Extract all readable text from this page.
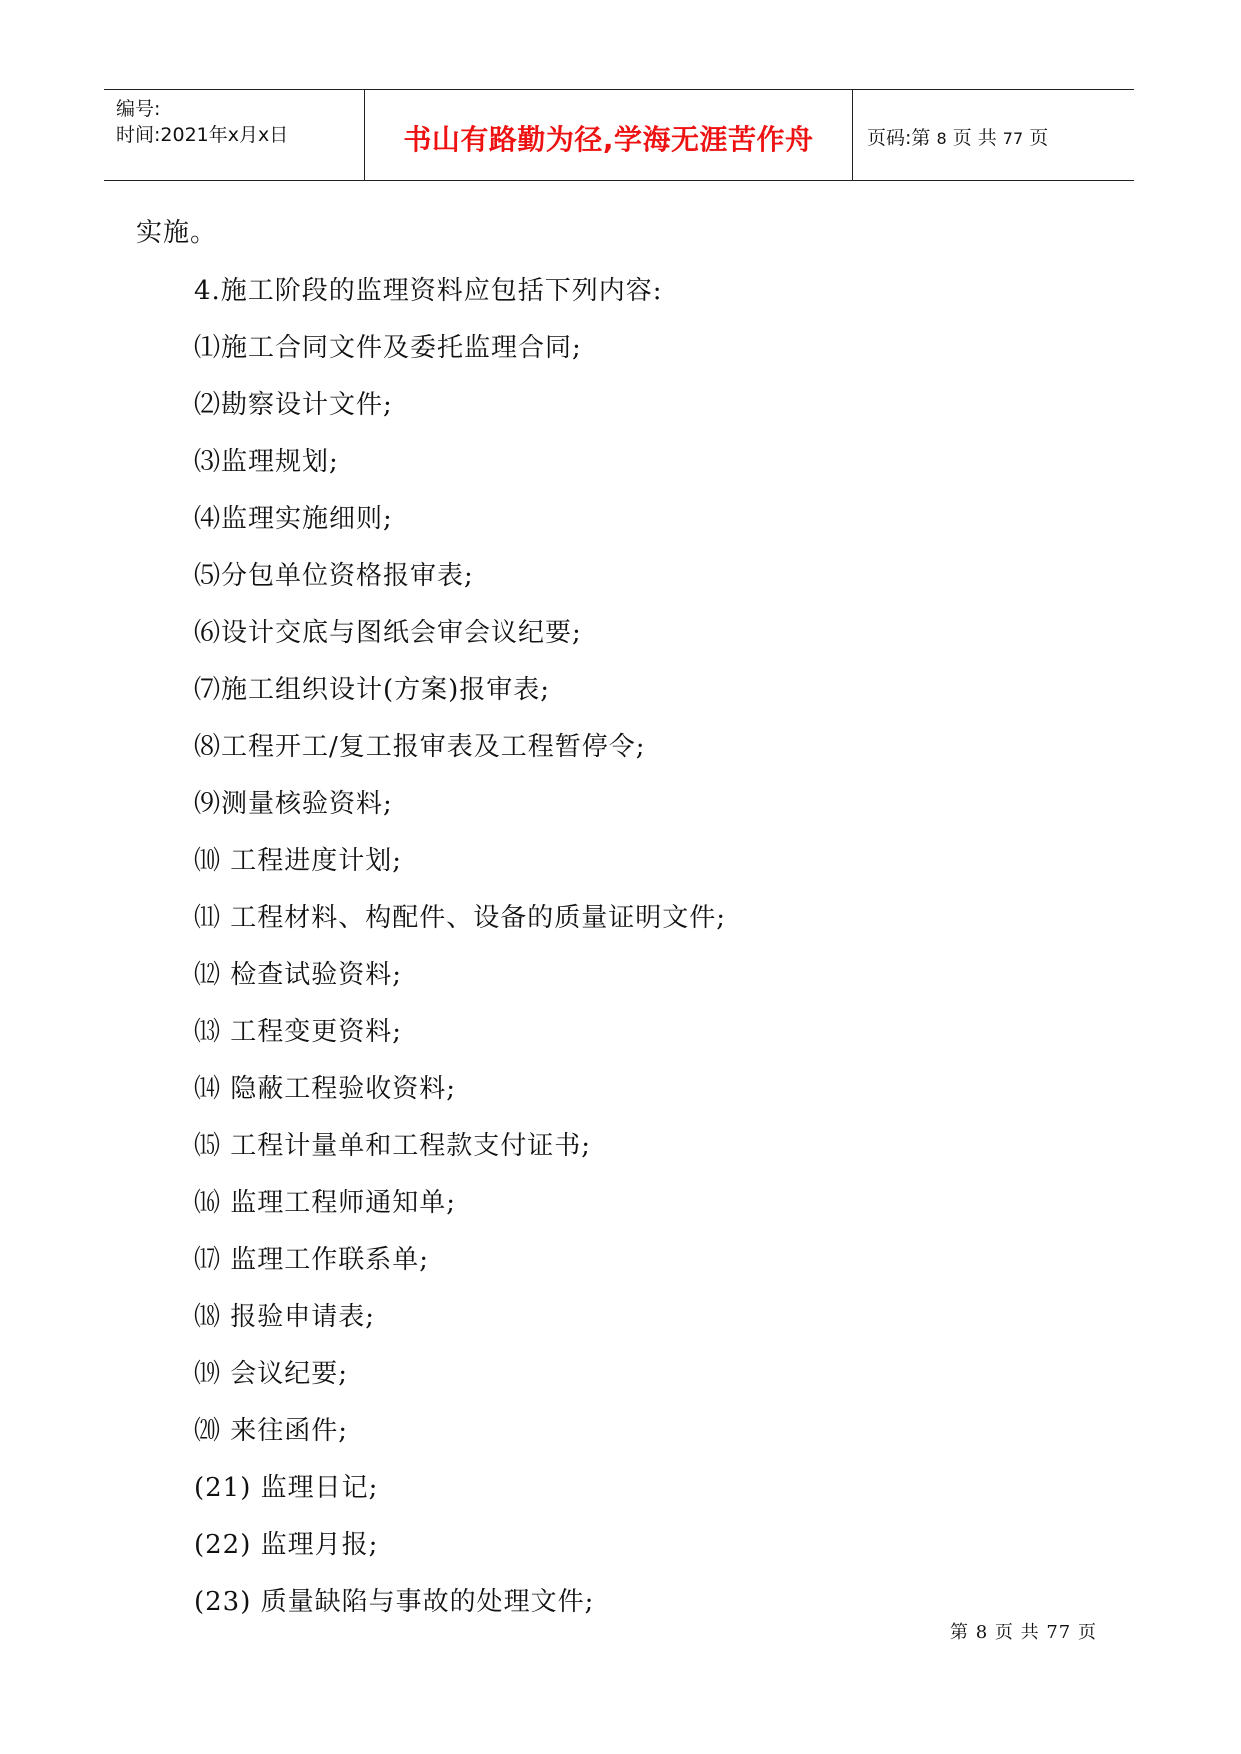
编号:
时间:2021年x月x日	书山有路勤为径,学海无涯苦作舟	页码:第 8 页 共 77 页
实施。
4.施工阶段的监理资料应包括下列内容:
⑴施工合同文件及委托监理合同;
⑵勘察设计文件;
⑶监理规划;
⑷监理实施细则;
⑸分包单位资格报审表;
⑹设计交底与图纸会审会议纪要;
⑺施工组织设计(方案)报审表;
⑻工程开工/复工报审表及工程暂停令;
⑼测量核验资料;
⑽ 工程进度计划;
⑾ 工程材料、构配件、设备的质量证明文件;
⑿ 检查试验资料;
⒀ 工程变更资料;
⒁ 隐蔽工程验收资料;
⒂ 工程计量单和工程款支付证书;
⒃ 监理工程师通知单;
⒄ 监理工作联系单;
⒅ 报验申请表;
⒆ 会议纪要;
⒇ 来往函件;
(21) 监理日记;
(22) 监理月报;
(23) 质量缺陷与事故的处理文件;
第 8 页 共 77 页
